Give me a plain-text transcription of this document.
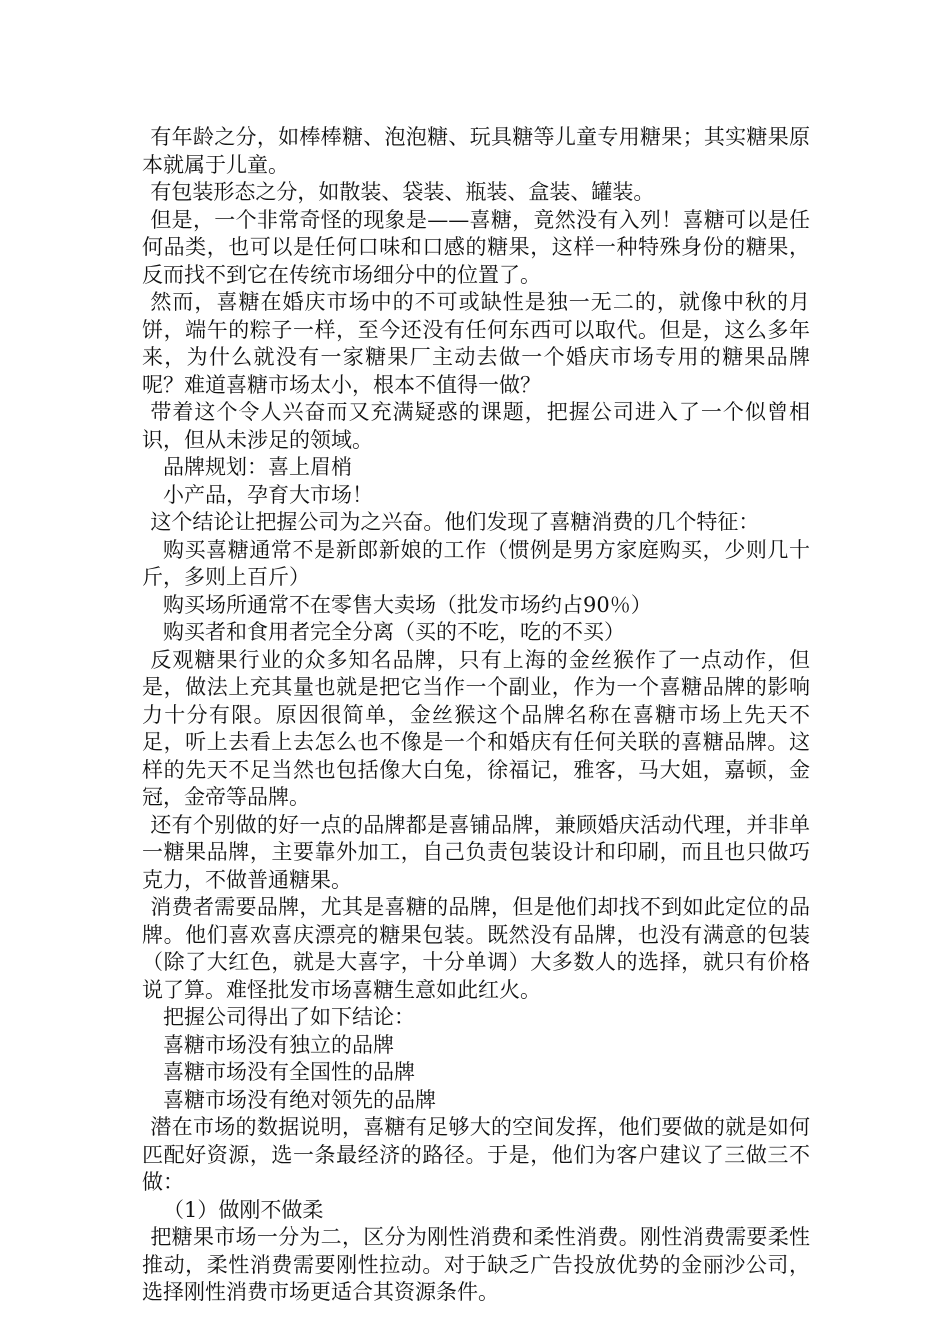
有年龄之分，如棒棒糖、泡泡糖、玩具糖等儿童专用糖果；其实糖果原本就属于儿童。

有包装形态之分，如散装、袋装、瓶装、盒装、罐装。

但是，一个非常奇怪的现象是——喜糖，竟然没有入列！喜糖可以是任何品类，也可以是任何口味和口感的糖果，这样一种特殊身份的糖果，反而找不到它在传统市场细分中的位置了。

然而，喜糖在婚庆市场中的不可或缺性是独一无二的，就像中秋的月饼，端午的粽子一样，至今还没有任何东西可以取代。但是，这么多年来，为什么就没有一家糖果厂主动去做一个婚庆市场专用的糖果品牌呢？难道喜糖市场太小，根本不值得一做？

带着这个令人兴奋而又充满疑惑的课题，把握公司进入了一个似曾相识，但从未涉足的领域。

品牌规划：喜上眉梢

小产品，孕育大市场！

这个结论让把握公司为之兴奋。他们发现了喜糖消费的几个特征：

购买喜糖通常不是新郎新娘的工作（惯例是男方家庭购买，少则几十斤，多则上百斤）

购买场所通常不在零售大卖场（批发市场约占90％）

购买者和食用者完全分离（买的不吃，吃的不买）

反观糖果行业的众多知名品牌，只有上海的金丝猴作了一点动作，但是，做法上充其量也就是把它当作一个副业，作为一个喜糖品牌的影响力十分有限。原因很简单，金丝猴这个品牌名称在喜糖市场上先天不足，听上去看上去怎么也不像是一个和婚庆有任何关联的喜糖品牌。这样的先天不足当然也包括像大白兔，徐福记，雅客，马大姐，嘉顿，金冠，金帝等品牌。

还有个别做的好一点的品牌都是喜铺品牌，兼顾婚庆活动代理，并非单一糖果品牌，主要靠外加工，自己负责包装设计和印刷，而且也只做巧克力，不做普通糖果。

消费者需要品牌，尤其是喜糖的品牌，但是他们却找不到如此定位的品牌。他们喜欢喜庆漂亮的糖果包装。既然没有品牌，也没有满意的包装（除了大红色，就是大喜字，十分单调）大多数人的选择，就只有价格说了算。难怪批发市场喜糖生意如此红火。

把握公司得出了如下结论：

喜糖市场没有独立的品牌

喜糖市场没有全国性的品牌

喜糖市场没有绝对领先的品牌

潜在市场的数据说明，喜糖有足够大的空间发挥，他们要做的就是如何匹配好资源，选一条最经济的路径。于是，他们为客户建议了三做三不做：

（1）做刚不做柔

把糖果市场一分为二，区分为刚性消费和柔性消费。刚性消费需要柔性推动，柔性消费需要刚性拉动。对于缺乏广告投放优势的金丽沙公司，选择刚性消费市场更适合其资源条件。
